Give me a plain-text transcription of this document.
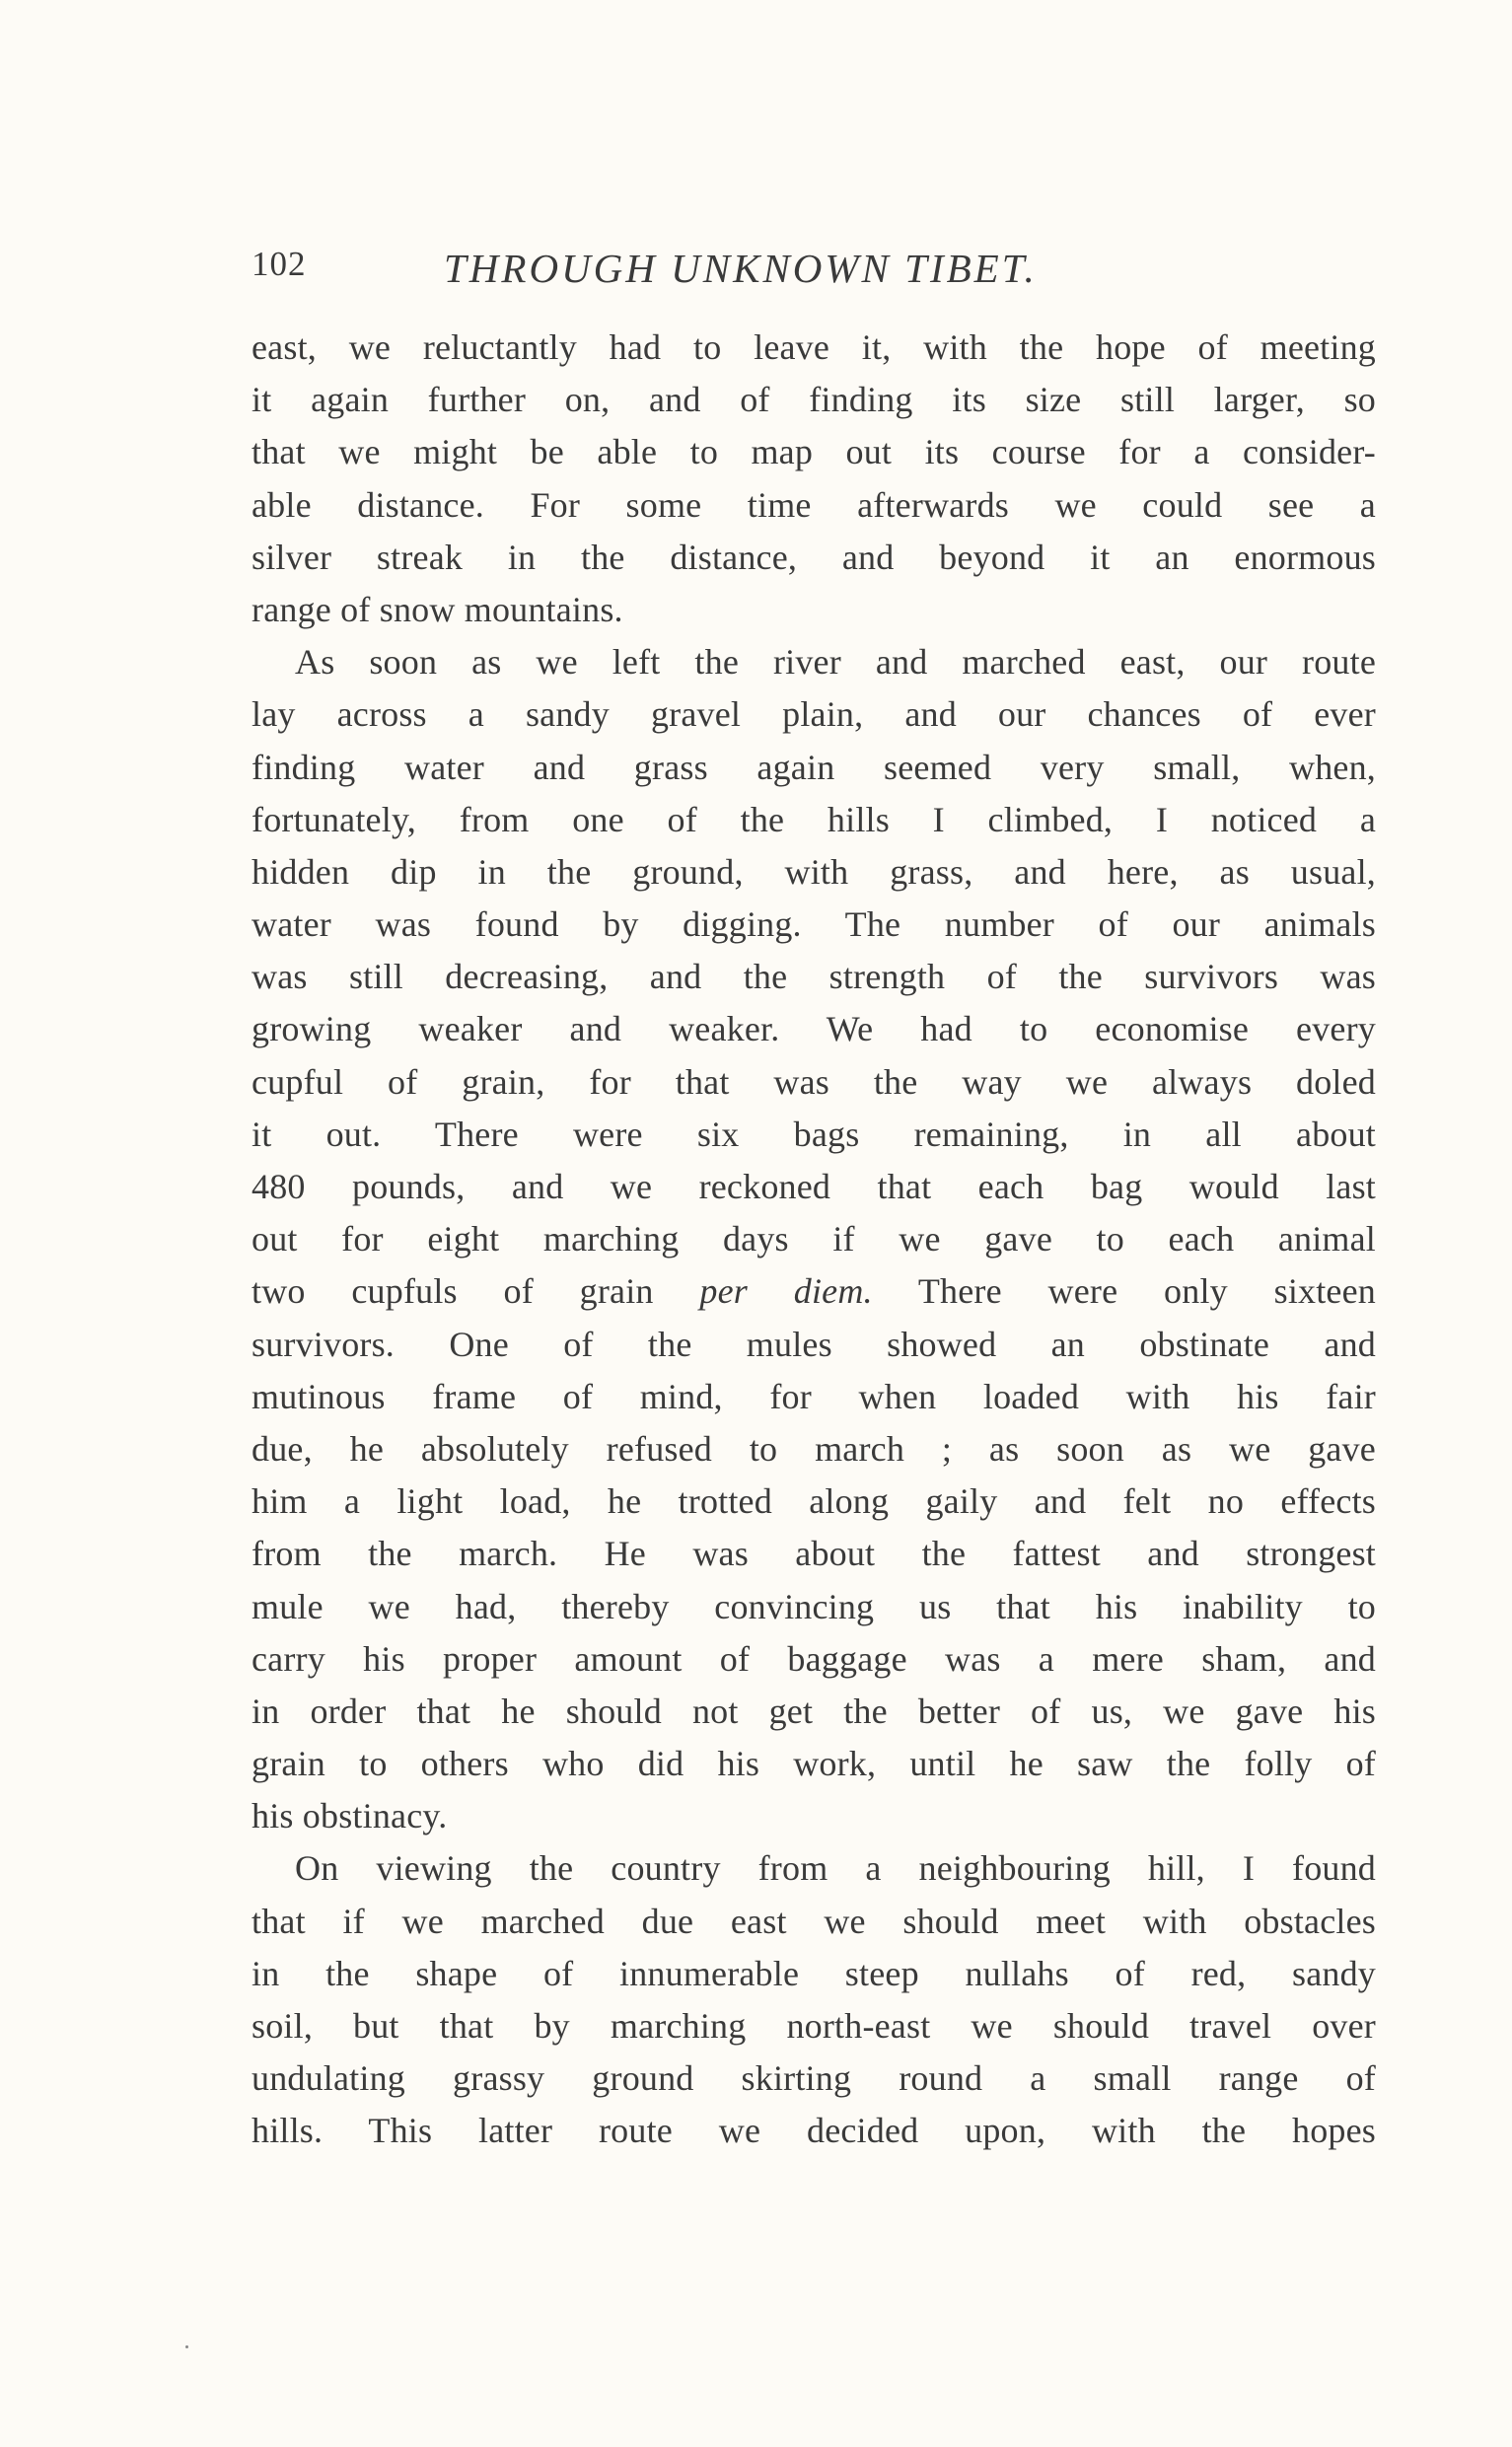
102	THROUGH UNKNOWN TIBET.
east, we reluctantly had to leave it, with the hope of meeting
it again further on, and of finding its size still larger, so
that we might be able to map out its course for a consider-
able distance. For some time afterwards we could see a
silver streak in the distance, and beyond it an enormous
range of snow mountains.
As soon as we left the river and marched east, our route
lay across a sandy gravel plain, and our chances of ever
finding water and grass again seemed very small, when,
fortunately, from one of the hills I climbed, I noticed a
hidden dip in the ground, with grass, and here, as usual,
water was found by digging. The number of our animals
was still decreasing, and the strength of the survivors was
growing weaker and weaker. We had to economise every
cupful of grain, for that was the way we always doled
it out. There were six bags remaining, in all about
480 pounds, and we reckoned that each bag would last
out for eight marching days if we gave to each animal
two cupfuls of grain per diem. There were only sixteen
survivors. One of the mules showed an obstinate and
mutinous frame of mind, for when loaded with his fair
due, he absolutely refused to march ; as soon as we gave
him a light load, he trotted along gaily and felt no effects
from the march. He was about the fattest and strongest
mule we had, thereby convincing us that his inability to
carry his proper amount of baggage was a mere sham, and
in order that he should not get the better of us, we gave his
grain to others who did his work, until he saw the folly of
his obstinacy.
On viewing the country from a neighbouring hill, I found
that if we marched due east we should meet with obstacles
in the shape of innumerable steep nullahs of red, sandy
soil, but that by marching north-east we should travel over
undulating grassy ground skirting round a small range of
hills. This latter route we decided upon, with the hopes
